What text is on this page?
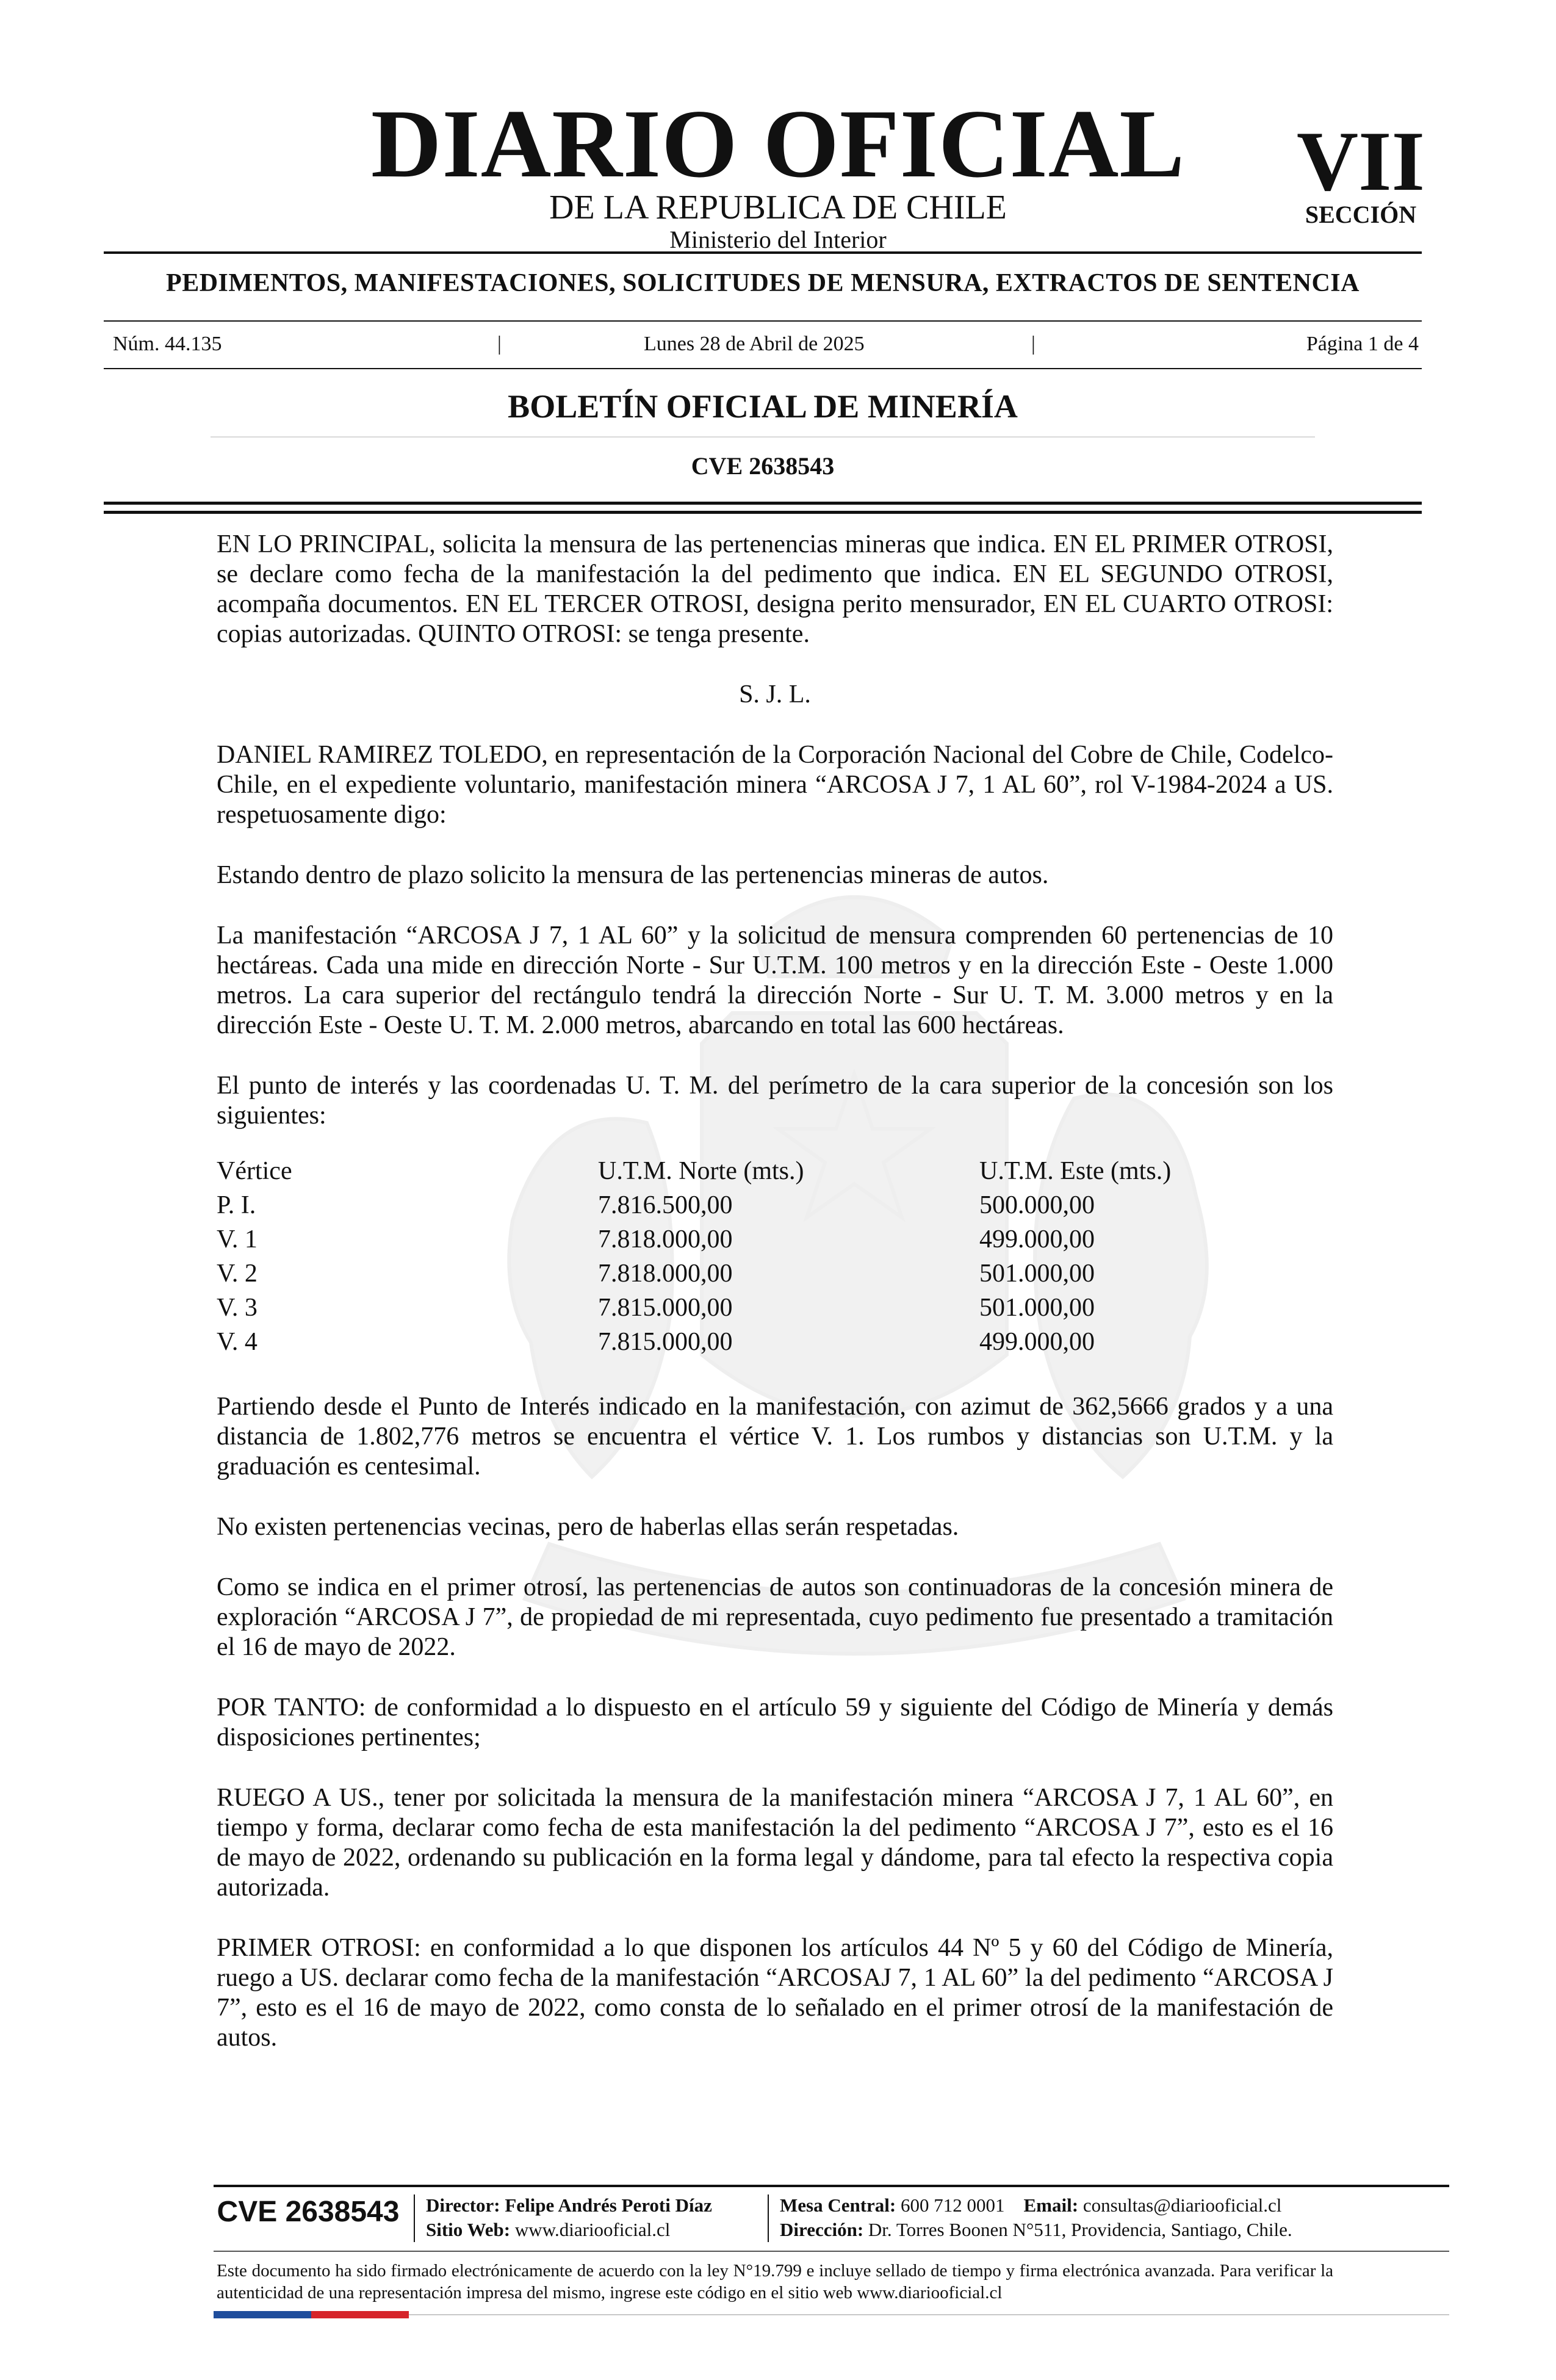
DIARIO OFICIAL
DE LA REPUBLICA DE CHILE
Ministerio del Interior
VII
SECCIÓN
PEDIMENTOS, MANIFESTACIONES, SOLICITUDES DE MENSURA, EXTRACTOS DE SENTENCIA
Núm. 44.135	|	Lunes 28 de Abril de 2025	|	Página 1 de 4
BOLETÍN OFICIAL DE MINERÍA
CVE 2638543

EN LO PRINCIPAL, solicita la mensura de las pertenencias mineras que indica. EN EL PRIMER OTROSI, se declare como fecha de la manifestación la del pedimento que indica. EN EL SEGUNDO OTROSI, acompaña documentos. EN EL TERCER OTROSI, designa perito mensurador, EN EL CUARTO OTROSI: copias autorizadas. QUINTO OTROSI: se tenga presente.

S. J. L.

DANIEL RAMIREZ TOLEDO, en representación de la Corporación Nacional del Cobre de Chile, Codelco-Chile, en el expediente voluntario, manifestación minera “ARCOSA J 7, 1 AL 60”, rol V-1984-2024 a US. respetuosamente digo:

Estando dentro de plazo solicito la mensura de las pertenencias mineras de autos.

La manifestación “ARCOSA J 7, 1 AL 60” y la solicitud de mensura comprenden 60 pertenencias de 10 hectáreas. Cada una mide en dirección Norte - Sur U.T.M. 100 metros y en la dirección Este - Oeste 1.000 metros. La cara superior del rectángulo tendrá la dirección Norte - Sur U. T. M. 3.000 metros y en la dirección Este - Oeste U. T. M. 2.000 metros, abarcando en total las 600 hectáreas.

El punto de interés y las coordenadas U. T. M. del perímetro de la cara superior de la concesión son los siguientes:

Vértice	U.T.M. Norte (mts.)	U.T.M. Este (mts.)
P. I.	7.816.500,00	500.000,00
V. 1	7.818.000,00	499.000,00
V. 2	7.818.000,00	501.000,00
V. 3	7.815.000,00	501.000,00
V. 4	7.815.000,00	499.000,00

Partiendo desde el Punto de Interés indicado en la manifestación, con azimut de 362,5666 grados y a una distancia de 1.802,776 metros se encuentra el vértice V. 1. Los rumbos y distancias son U.T.M. y la graduación es centesimal.

No existen pertenencias vecinas, pero de haberlas ellas serán respetadas.

Como se indica en el primer otrosí, las pertenencias de autos son continuadoras de la concesión minera de exploración “ARCOSA J 7”, de propiedad de mi representada, cuyo pedimento fue presentado a tramitación el 16 de mayo de 2022.

POR TANTO: de conformidad a lo dispuesto en el artículo 59 y siguiente del Código de Minería y demás disposiciones pertinentes;

RUEGO A US., tener por solicitada la mensura de la manifestación minera “ARCOSA J 7, 1 AL 60”, en tiempo y forma, declarar como fecha de esta manifestación la del pedimento “ARCOSA J 7”, esto es el 16 de mayo de 2022, ordenando su publicación en la forma legal y dándome, para tal efecto la respectiva copia autorizada.

PRIMER OTROSI: en conformidad a lo que disponen los artículos 44 Nº 5 y 60 del Código de Minería, ruego a US. declarar como fecha de la manifestación “ARCOSAJ 7, 1 AL 60” la del pedimento “ARCOSA J 7”, esto es el 16 de mayo de 2022, como consta de lo señalado en el primer otrosí de la manifestación de autos.

CVE 2638543	Director: Felipe Andrés Peroti Díaz
Sitio Web: www.diariooficial.cl
Mesa Central: 600 712 0001 Email: consultas@diariooficial.cl
Dirección: Dr. Torres Boonen N°511, Providencia, Santiago, Chile.
Este documento ha sido firmado electrónicamente de acuerdo con la ley N°19.799 e incluye sellado de tiempo y firma electrónica avanzada. Para verificar la autenticidad de una representación impresa del mismo, ingrese este código en el sitio web www.diariooficial.cl
